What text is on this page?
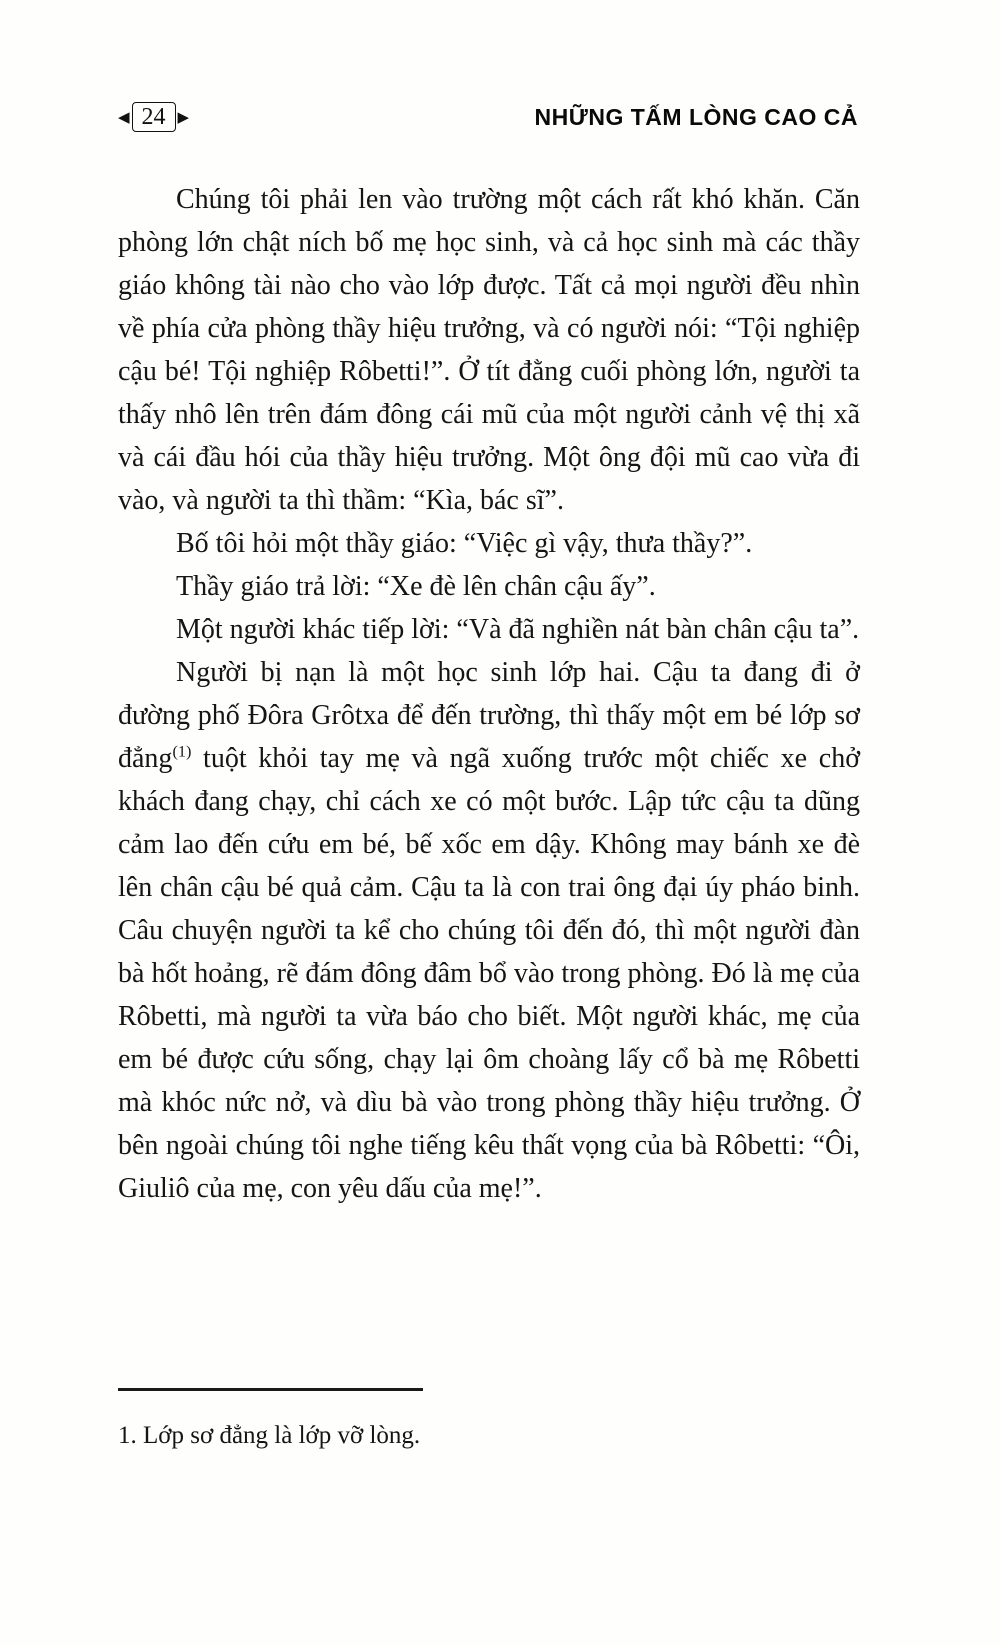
◀ 24 ▶	NHỮNG TẤM LÒNG CAO CẢ

Chúng tôi phải len vào trường một cách rất khó khăn. Căn phòng lớn chật ních bố mẹ học sinh, và cả học sinh mà các thầy giáo không tài nào cho vào lớp được. Tất cả mọi người đều nhìn về phía cửa phòng thầy hiệu trưởng, và có người nói: “Tội nghiệp cậu bé! Tội nghiệp Rôbetti!”. Ở tít đằng cuối phòng lớn, người ta thấy nhô lên trên đám đông cái mũ của một người cảnh vệ thị xã và cái đầu hói của thầy hiệu trưởng. Một ông đội mũ cao vừa đi vào, và người ta thì thầm: “Kìa, bác sĩ”.

Bố tôi hỏi một thầy giáo: “Việc gì vậy, thưa thầy?”.

Thầy giáo trả lời: “Xe đè lên chân cậu ấy”.

Một người khác tiếp lời: “Và đã nghiền nát bàn chân cậu ta”.

Người bị nạn là một học sinh lớp hai. Cậu ta đang đi ở đường phố Đôra Grôtxa để đến trường, thì thấy một em bé lớp sơ đẳng$^{(1)}$ tuột khỏi tay mẹ và ngã xuống trước một chiếc xe chở khách đang chạy, chỉ cách xe có một bước. Lập tức cậu ta dũng cảm lao đến cứu em bé, bế xốc em dậy. Không may bánh xe đè lên chân cậu bé quả cảm. Cậu ta là con trai ông đại úy pháo binh. Câu chuyện người ta kể cho chúng tôi đến đó, thì một người đàn bà hốt hoảng, rẽ đám đông đâm bổ vào trong phòng. Đó là mẹ của Rôbetti, mà người ta vừa báo cho biết. Một người khác, mẹ của em bé được cứu sống, chạy lại ôm choàng lấy cổ bà mẹ Rôbetti mà khóc nức nở, và dìu bà vào trong phòng thầy hiệu trưởng. Ở bên ngoài chúng tôi nghe tiếng kêu thất vọng của bà Rôbetti: “Ôi, Giuliô của mẹ, con yêu dấu của mẹ!”.

1. Lớp sơ đẳng là lớp vỡ lòng.
